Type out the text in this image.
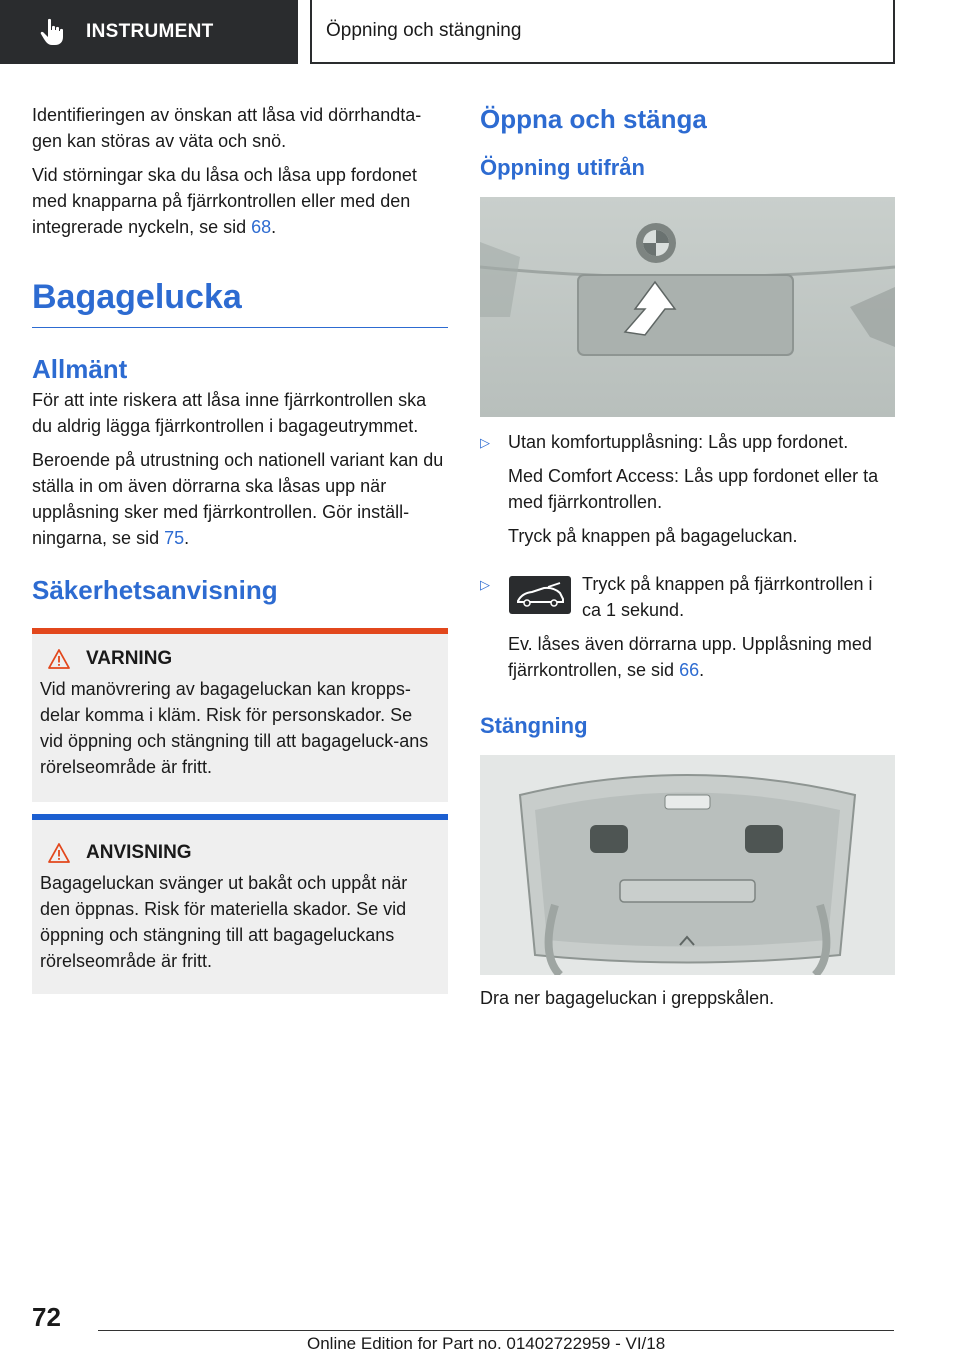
INSTRUMENT	Öppning och stängning

Identifieringen av önskan att låsa vid dörrhandta-gen kan störas av väta och snö.

Vid störningar ska du låsa och låsa upp fordonet med knapparna på fjärrkontrollen eller med den integrerade nyckeln, se sid 68.

Bagagelucka
Allmänt

För att inte riskera att låsa inne fjärrkontrollen ska du aldrig lägga fjärrkontrollen i bagageutrymmet.

Beroende på utrustning och nationell variant kan du ställa in om även dörrarna ska låsas upp när upplåsning sker med fjärrkontrollen. Gör inställ-ningarna, se sid 75.

Säkerhetsanvisning
VARNING

Vid manövrering av bagageluckan kan kropps-delar komma i kläm. Risk för personskador. Se vid öppning och stängning till att bagageluck-ans rörelseområde är fritt.

ANVISNING

Bagageluckan svänger ut bakåt och uppåt när den öppnas. Risk för materiella skador. Se vid öppning och stängning till att bagageluckans rörelseområde är fritt.

Öppna och stänga
Öppning utifrån
▷	Utan komfortupplåsning: Lås upp fordonet.

Med Comfort Access: Lås upp fordonet eller ta med fjärrkontrollen.

Tryck på knappen på bagageluckan.

▷	Tryck på knappen på fjärrkontrollen i ca 1 sekund.

Ev. låses även dörrarna upp. Upplåsning med fjärrkontrollen, se sid 66.

Stängning

Dra ner bagageluckan i greppskålen.

72
Online Edition for Part no. 01402722959 - VI/18
